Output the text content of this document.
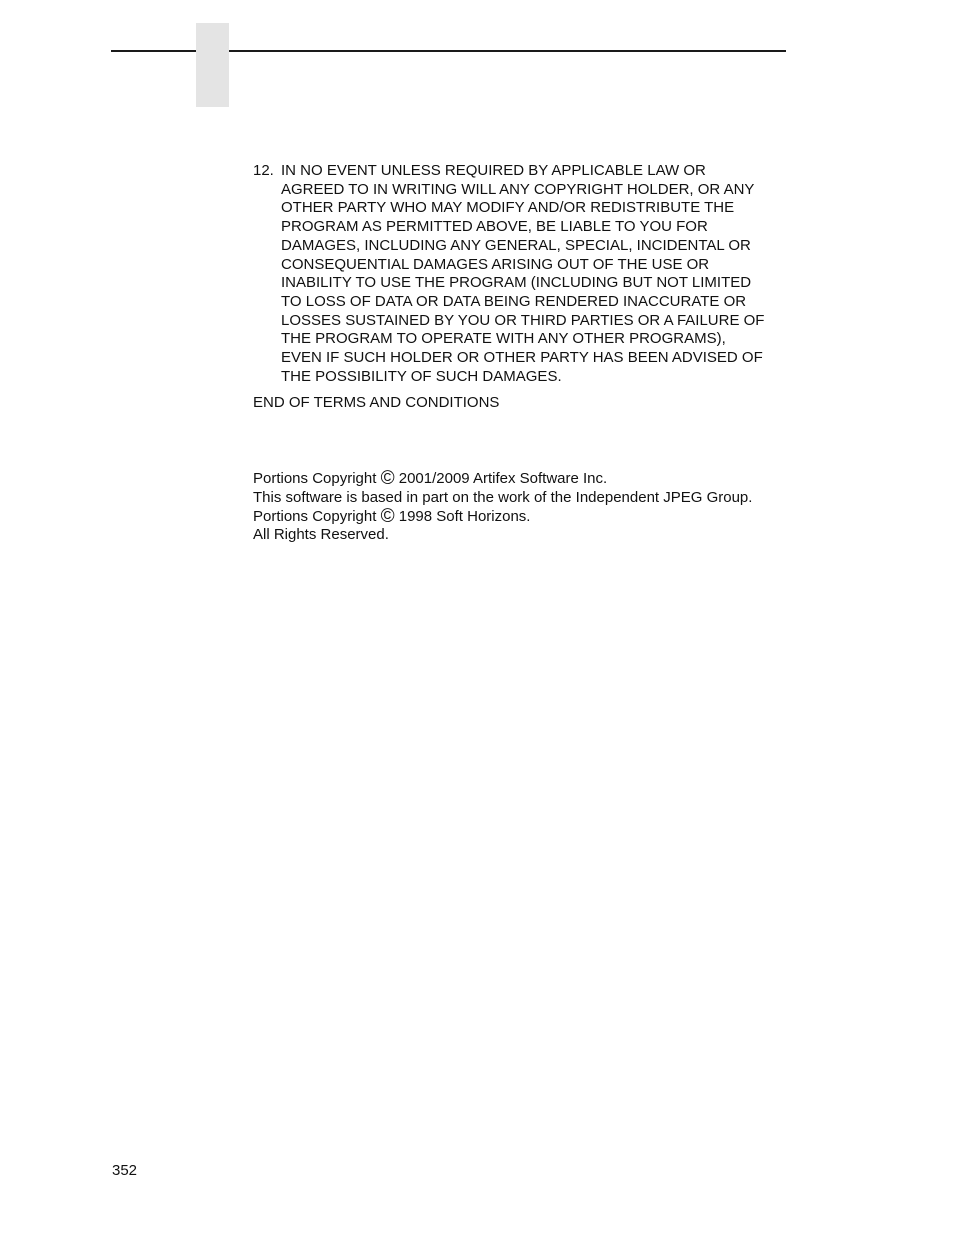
12. IN NO EVENT UNLESS REQUIRED BY APPLICABLE LAW OR
AGREED TO IN WRITING WILL ANY COPYRIGHT HOLDER, OR ANY
OTHER PARTY WHO MAY MODIFY AND/OR REDISTRIBUTE THE
PROGRAM AS PERMITTED ABOVE, BE LIABLE TO YOU FOR
DAMAGES, INCLUDING ANY GENERAL, SPECIAL, INCIDENTAL OR
CONSEQUENTIAL DAMAGES ARISING OUT OF THE USE OR
INABILITY TO USE THE PROGRAM (INCLUDING BUT NOT LIMITED
TO LOSS OF DATA OR DATA BEING RENDERED INACCURATE OR
LOSSES SUSTAINED BY YOU OR THIRD PARTIES OR A FAILURE OF
THE PROGRAM TO OPERATE WITH ANY OTHER PROGRAMS),
EVEN IF SUCH HOLDER OR OTHER PARTY HAS BEEN ADVISED OF
THE POSSIBILITY OF SUCH DAMAGES.
END OF TERMS AND CONDITIONS
Portions Copyright © 2001/2009 Artifex Software Inc.
This software is based in part on the work of the Independent JPEG Group.
Portions Copyright © 1998 Soft Horizons.
All Rights Reserved.
352
